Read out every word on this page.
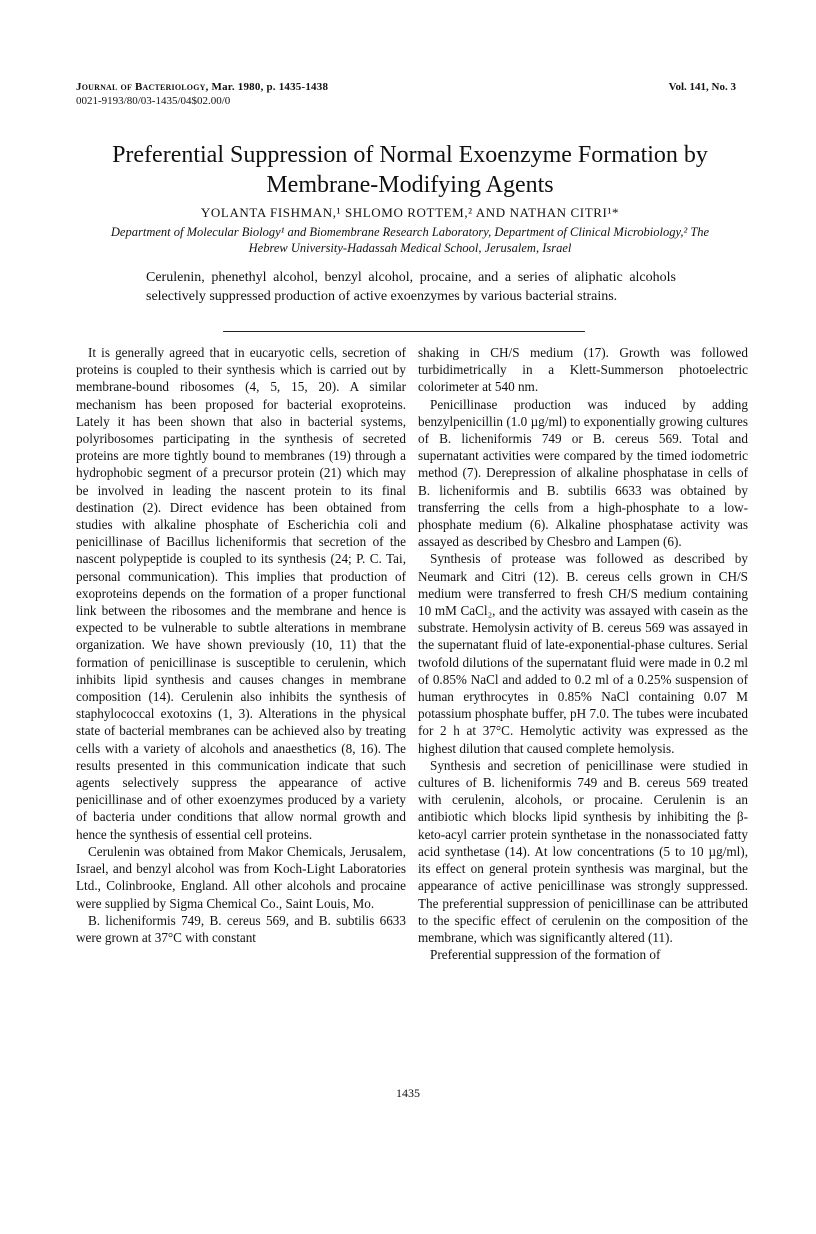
Journal of Bacteriology, Mar. 1980, p. 1435-1438
0021-9193/80/03-1435/04$02.00/0
Vol. 141, No. 3
Preferential Suppression of Normal Exoenzyme Formation by Membrane-Modifying Agents
YOLANTA FISHMAN,¹ SHLOMO ROTTEM,² AND NATHAN CITRI¹*
Department of Molecular Biology¹ and Biomembrane Research Laboratory, Department of Clinical Microbiology,² The Hebrew University-Hadassah Medical School, Jerusalem, Israel
Cerulenin, phenethyl alcohol, benzyl alcohol, procaine, and a series of aliphatic alcohols selectively suppressed production of active exoenzymes by various bacterial strains.

It is generally agreed that in eucaryotic cells, secretion of proteins is coupled to their synthesis which is carried out by membrane-bound ribosomes (4, 5, 15, 20). A similar mechanism has been proposed for bacterial exoproteins. Lately it has been shown that also in bacterial systems, polyribosomes participating in the synthesis of secreted proteins are more tightly bound to membranes (19) through a hydrophobic segment of a precursor protein (21) which may be involved in leading the nascent protein to its final destination (2). Direct evidence has been obtained from studies with alkaline phosphate of Escherichia coli and penicillinase of Bacillus licheniformis that secretion of the nascent polypeptide is coupled to its synthesis (24; P. C. Tai, personal communication). This implies that production of exoproteins depends on the formation of a proper functional link between the ribosomes and the membrane and hence is expected to be vulnerable to subtle alterations in membrane organization. We have shown previously (10, 11) that the formation of penicillinase is susceptible to cerulenin, which inhibits lipid synthesis and causes changes in membrane composition (14). Cerulenin also inhibits the synthesis of staphylococcal exotoxins (1, 3). Alterations in the physical state of bacterial membranes can be achieved also by treating cells with a variety of alcohols and anaesthetics (8, 16). The results presented in this communication indicate that such agents selectively suppress the appearance of active penicillinase and of other exoenzymes produced by a variety of bacteria under conditions that allow normal growth and hence the synthesis of essential cell proteins.

Cerulenin was obtained from Makor Chemicals, Jerusalem, Israel, and benzyl alcohol was from Koch-Light Laboratories Ltd., Colinbrooke, England. All other alcohols and procaine were supplied by Sigma Chemical Co., Saint Louis, Mo.

B. licheniformis 749, B. cereus 569, and B. subtilis 6633 were grown at 37°C with constant

shaking in CH/S medium (17). Growth was followed turbidimetrically in a Klett-Summerson photoelectric colorimeter at 540 nm.

Penicillinase production was induced by adding benzylpenicillin (1.0 µg/ml) to exponentially growing cultures of B. licheniformis 749 or B. cereus 569. Total and supernatant activities were compared by the timed iodometric method (7). Derepression of alkaline phosphatase in cells of B. licheniformis and B. subtilis 6633 was obtained by transferring the cells from a high-phosphate to a low-phosphate medium (6). Alkaline phosphatase activity was assayed as described by Chesbro and Lampen (6).

Synthesis of protease was followed as described by Neumark and Citri (12). B. cereus cells grown in CH/S medium were transferred to fresh CH/S medium containing 10 mM CaCl₂, and the activity was assayed with casein as the substrate. Hemolysin activity of B. cereus 569 was assayed in the supernatant fluid of late-exponential-phase cultures. Serial twofold dilutions of the supernatant fluid were made in 0.2 ml of 0.85% NaCl and added to 0.2 ml of a 0.25% suspension of human erythrocytes in 0.85% NaCl containing 0.07 M potassium phosphate buffer, pH 7.0. The tubes were incubated for 2 h at 37°C. Hemolytic activity was expressed as the highest dilution that caused complete hemolysis.

Synthesis and secretion of penicillinase were studied in cultures of B. licheniformis 749 and B. cereus 569 treated with cerulenin, alcohols, or procaine. Cerulenin is an antibiotic which blocks lipid synthesis by inhibiting the β-keto-acyl carrier protein synthetase in the nonassociated fatty acid synthetase (14). At low concentrations (5 to 10 µg/ml), its effect on general protein synthesis was marginal, but the appearance of active penicillinase was strongly suppressed. The preferential suppression of penicillinase can be attributed to the specific effect of cerulenin on the composition of the membrane, which was significantly altered (11).

Preferential suppression of the formation of

1435
